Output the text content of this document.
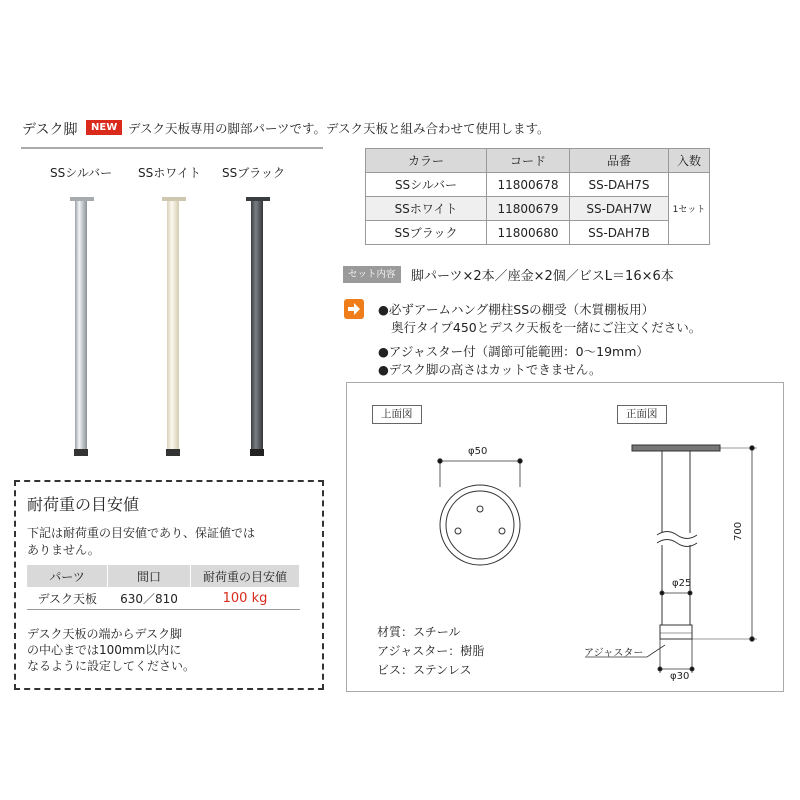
デスク脚	NEW デスク天板専用の脚部パーツです。デスク天板と組み合わせて使用します。
SSシルバー SSホワイト SSブラック
カラー	コード	品番	入数
SSシルバー	11800678	SS-DAH7S	1セット
SSホワイト	11800679	SS-DAH7W	
SSブラック	11800680	SS-DAH7B	
セット内容	脚パーツ×2本／座金×2個／ビスL＝16×6本
●必ずアームハング棚柱SSの棚受（木質棚板用）
奥行タイプ450とデスク天板を一緒にご注文ください。
●アジャスター付（調節可能範囲：0～19mm）
●デスク脚の高さはカットできません。
耐荷重の目安値
下記は耐荷重の目安値であり、保証値では
ありません。
パーツ	間口	耐荷重の目安値
デスク天板	630／810	100 kg
デスク天板の端からデスク脚
の中心までは100mm以内に
なるように設定してください。
上面図	正面図
φ50
φ25
φ30
700
アジャスター
材質：スチール
アジャスター：樹脂
ビス：ステンレス
